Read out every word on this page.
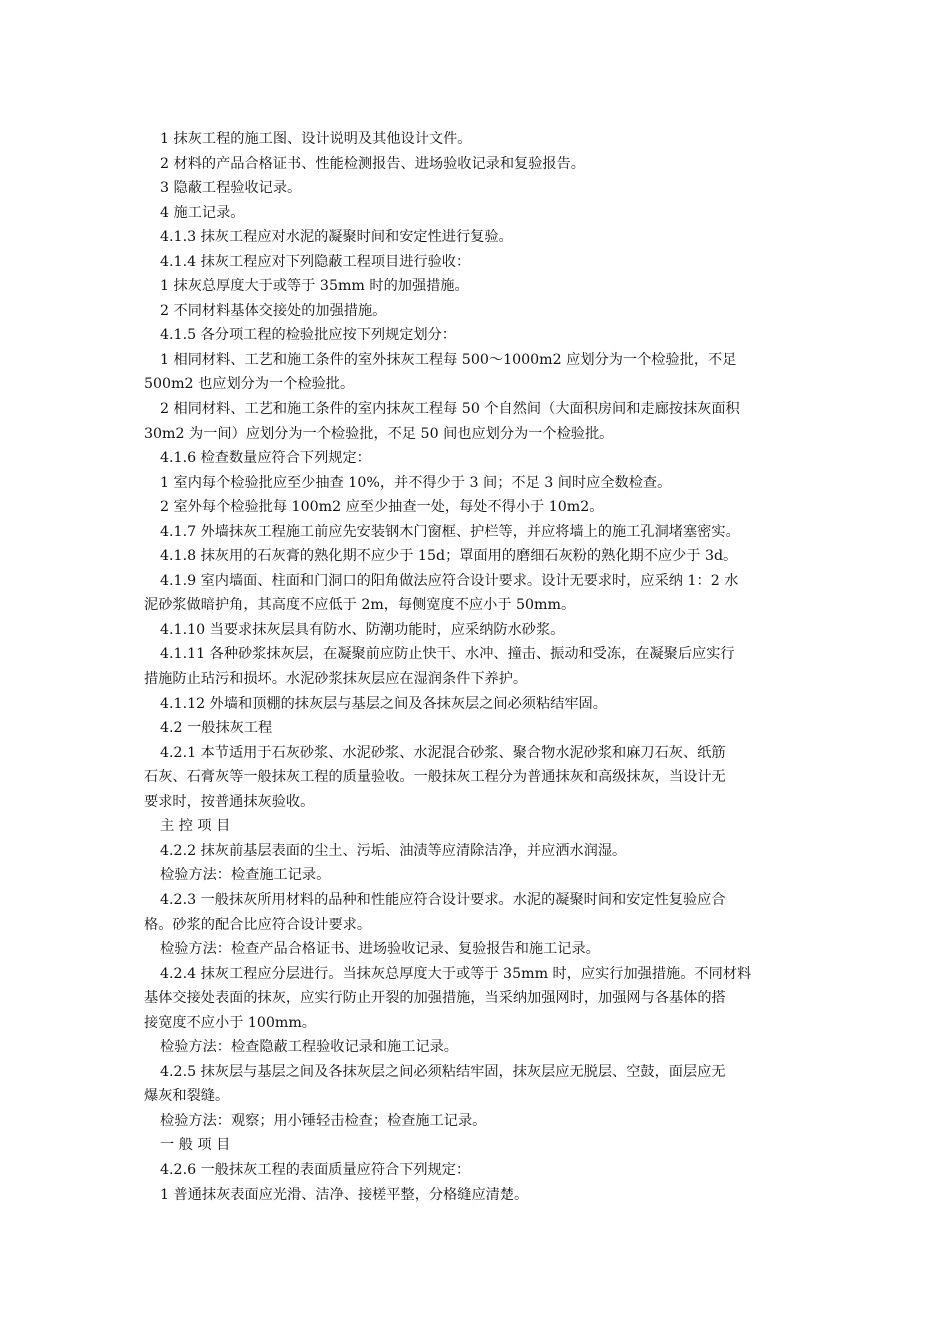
1 抹灰工程的施工图、设计说明及其他设计文件。
2 材料的产品合格证书、性能检测报告、进场验收记录和复验报告。
3 隐蔽工程验收记录。
4 施工记录。
4.1.3 抹灰工程应对水泥的凝聚时间和安定性进行复验。
4.1.4 抹灰工程应对下列隐蔽工程项目进行验收：
1 抹灰总厚度大于或等于 35mm 时的加强措施。
2 不同材料基体交接处的加强措施。
4.1.5 各分项工程的检验批应按下列规定划分：
1 相同材料、工艺和施工条件的室外抹灰工程每 500～1000m2 应划分为一个检验批，不足
500m2 也应划分为一个检验批。
2 相同材料、工艺和施工条件的室内抹灰工程每 50 个自然间（大面积房间和走廊按抹灰面积
30m2 为一间）应划分为一个检验批，不足 50 间也应划分为一个检验批。
4.1.6 检查数量应符合下列规定：
1 室内每个检验批应至少抽查 10%，并不得少于 3 间；不足 3 间时应全数检查。
2 室外每个检验批每 100m2 应至少抽查一处，每处不得小于 10m2。
4.1.7 外墙抹灰工程施工前应先安装钢木门窗框、护栏等，并应将墙上的施工孔洞堵塞密实。
4.1.8 抹灰用的石灰膏的熟化期不应少于 15d；罩面用的磨细石灰粉的熟化期不应少于 3d。
4.1.9 室内墙面、柱面和门洞口的阳角做法应符合设计要求。设计无要求时，应采纳 1：2 水
泥砂浆做暗护角，其高度不应低于 2m，每侧宽度不应小于 50mm。
4.1.10 当要求抹灰层具有防水、防潮功能时，应采纳防水砂浆。
4.1.11 各种砂浆抹灰层，在凝聚前应防止快干、水冲、撞击、振动和受冻，在凝聚后应实行
措施防止玷污和损坏。水泥砂浆抹灰层应在湿润条件下养护。
4.1.12 外墙和顶棚的抹灰层与基层之间及各抹灰层之间必须粘结牢固。
4.2 一般抹灰工程
4.2.1 本节适用于石灰砂浆、水泥砂浆、水泥混合砂浆、聚合物水泥砂浆和麻刀石灰、纸筋
石灰、石膏灰等一般抹灰工程的质量验收。一般抹灰工程分为普通抹灰和高级抹灰，当设计无
要求时，按普通抹灰验收。
主 控 项 目
4.2.2 抹灰前基层表面的尘土、污垢、油渍等应清除洁净，并应洒水润湿。
检验方法：检查施工记录。
4.2.3 一般抹灰所用材料的品种和性能应符合设计要求。水泥的凝聚时间和安定性复验应合
格。砂浆的配合比应符合设计要求。
检验方法：检查产品合格证书、进场验收记录、复验报告和施工记录。
4.2.4 抹灰工程应分层进行。当抹灰总厚度大于或等于 35mm 时，应实行加强措施。不同材料
基体交接处表面的抹灰，应实行防止开裂的加强措施，当采纳加强网时，加强网与各基体的搭
接宽度不应小于 100mm。
检验方法：检查隐蔽工程验收记录和施工记录。
4.2.5 抹灰层与基层之间及各抹灰层之间必须粘结牢固，抹灰层应无脱层、空鼓，面层应无
爆灰和裂缝。
检验方法：观察；用小锤轻击检查；检查施工记录。
一 般 项 目
4.2.6 一般抹灰工程的表面质量应符合下列规定：
1 普通抹灰表面应光滑、洁净、接槎平整，分格缝应清楚。
